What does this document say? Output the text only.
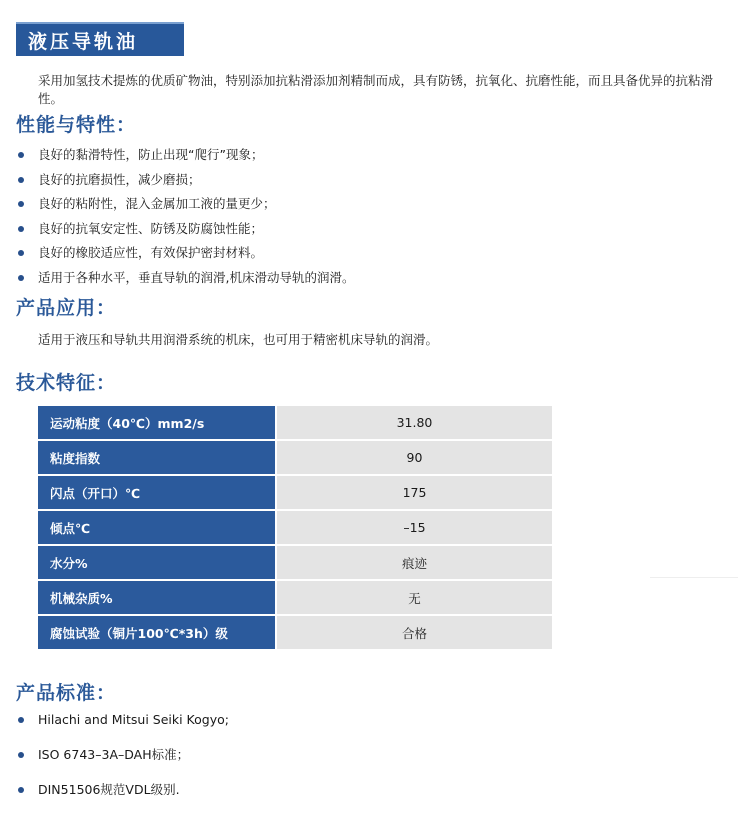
液压导轨油

采用加氢技术提炼的优质矿物油，特别添加抗粘滑添加剂精制而成，具有防锈，抗氧化、抗磨性能，而且具备优异的抗粘滑性。

性能与特性：
良好的黏滑特性，防止出现“爬行”现象；
良好的抗磨损性，减少磨损；
良好的粘附性，混入金属加工液的量更少；
良好的抗氧安定性、防锈及防腐蚀性能；
良好的橡胶适应性，有效保护密封材料。
适用于各种水平，垂直导轨的润滑,机床滑动导轨的润滑。
产品应用：

适用于液压和导轨共用润滑系统的机床，也可用于精密机床导轨的润滑。

技术特征：
运动粘度（40℃）mm2/s	31.80
粘度指数	90
闪点（开口）℃	175
倾点℃	–15
水分%	痕迹
机械杂质%	无
腐蚀试验（铜片100℃*3h）级	合格
产品标准：
Hilachi and Mitsui Seiki Kogyo;
ISO 6743–3A–DAH标准；
DIN51506规范VDL级别.
